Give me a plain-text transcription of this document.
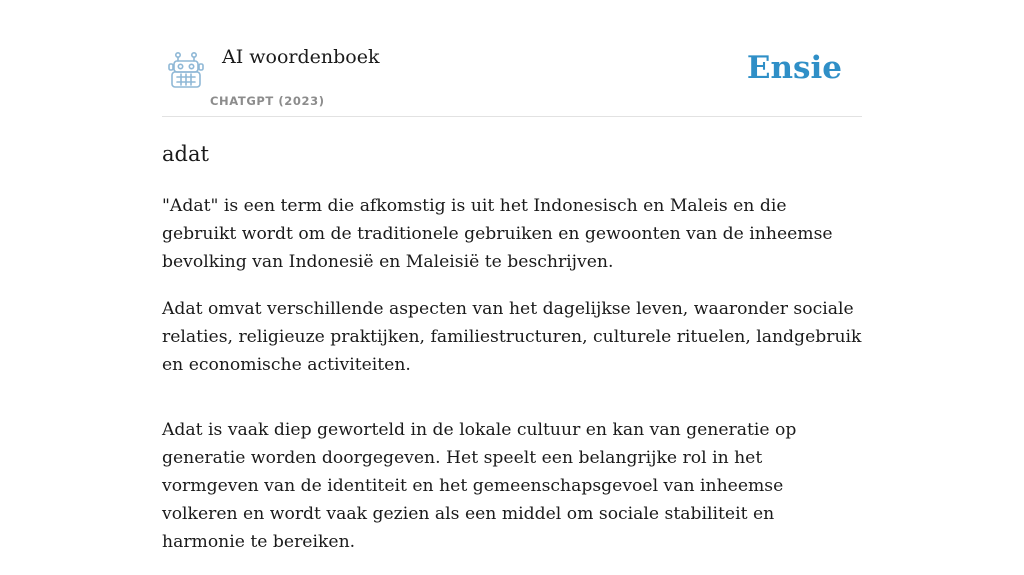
AI woordenboek
CHATGPT (2023)
Ensie
adat

"Adat" is een term die afkomstig is uit het Indonesisch en Maleis en die gebruikt wordt om de traditionele gebruiken en gewoonten van de inheemse bevolking van Indonesië en Maleisië te beschrijven.

Adat omvat verschillende aspecten van het dagelijkse leven, waaronder sociale relaties, religieuze praktijken, familiestructuren, culturele rituelen, landgebruik en economische activiteiten.

Adat is vaak diep geworteld in de lokale cultuur en kan van generatie op generatie worden doorgegeven. Het speelt een belangrijke rol in het vormgeven van de identiteit en het gemeenschapsgevoel van inheemse volkeren en wordt vaak gezien als een middel om sociale stabiliteit en harmonie te bereiken.
